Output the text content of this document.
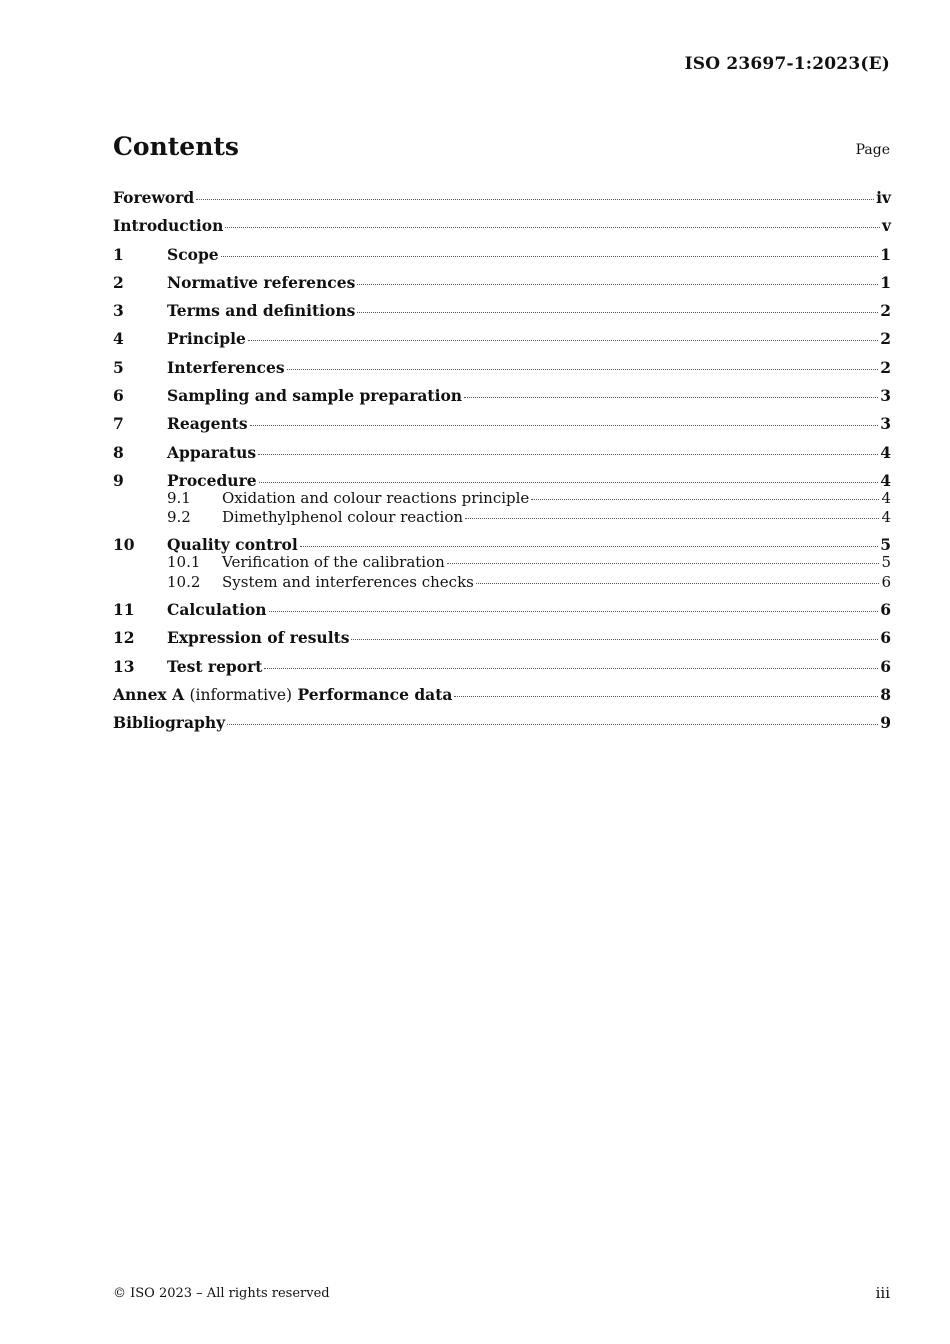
ISO 23697-1:2023(E)
Contents	Page
Foreword	iv
Introduction	v
1	Scope	1
2	Normative references	1
3	Terms and definitions	2
4	Principle	2
5	Interferences	2
6	Sampling and sample preparation	3
7	Reagents	3
8	Apparatus	4
9	Procedure	4
9.1	Oxidation and colour reactions principle	4
9.2	Dimethylphenol colour reaction	4
10	Quality control	5
10.1	Verification of the calibration	5
10.2	System and interferences checks	6
11	Calculation	6
12	Expression of results	6
13	Test report	6
Annex A (informative) Performance data	8
Bibliography	9
© ISO 2023 – All rights reserved	iii
